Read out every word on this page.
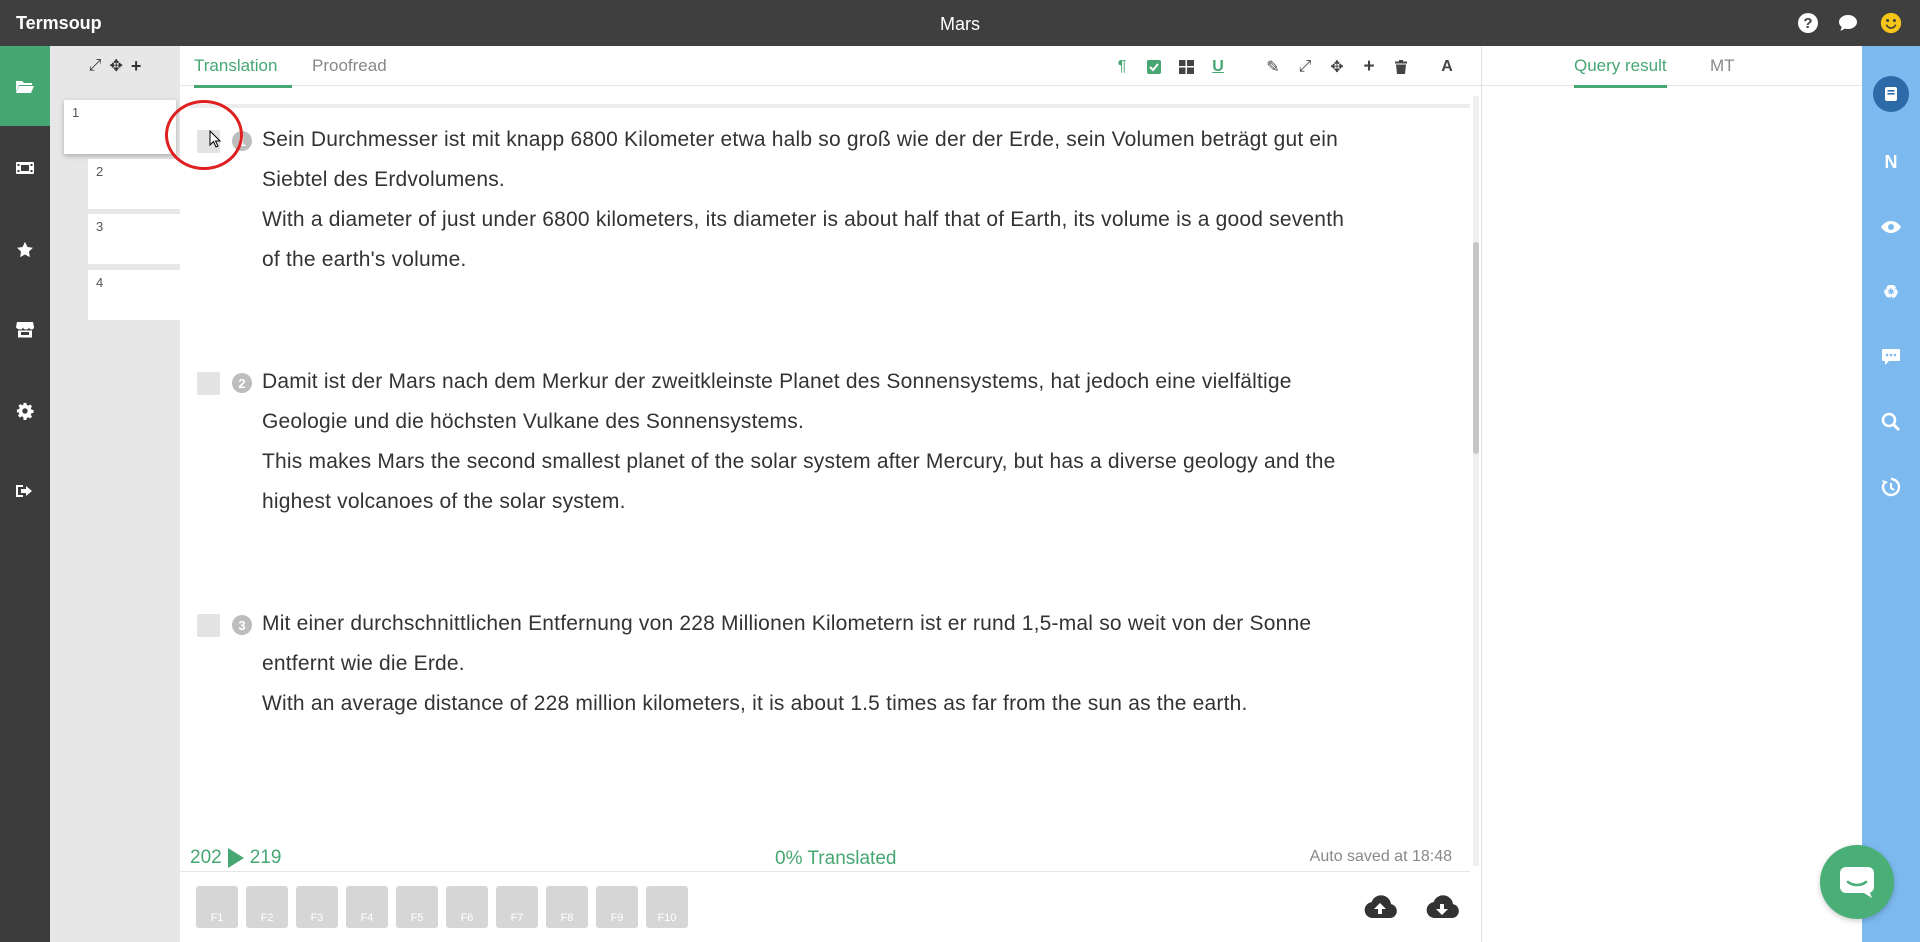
Termsoup	Mars	?
⤢ ✥ +
1
2
3
4
Translation	Proofread	¶	U	✎	⤢	✥	+	A
1 Sein Durchmesser ist mit knapp 6800 Kilometer etwa halb so groß wie der der Erde, sein Volumen beträgt gut ein Siebtel des Erdvolumens.
With a diameter of just under 6800 kilometers, its diameter is about half that of Earth, its volume is a good seventh of the earth's volume.
2 Damit ist der Mars nach dem Merkur der zweitkleinste Planet des Sonnensystems, hat jedoch eine vielfältige Geologie und die höchsten Vulkane des Sonnensystems.
This makes Mars the second smallest planet of the solar system after Mercury, but has a diverse geology and the highest volcanoes of the solar system.
3 Mit einer durchschnittlichen Entfernung von 228 Millionen Kilometern ist er rund 1,5-mal so weit von der Sonne entfernt wie die Erde.
With an average distance of 228 million kilometers, it is about 1.5 times as far from the sun as the earth.
202 219	0% Translated	Auto saved at 18:48
F1	F2	F3	F4	F5	F6	F7	F8	F9	F10
Query result	MT
N
♻
